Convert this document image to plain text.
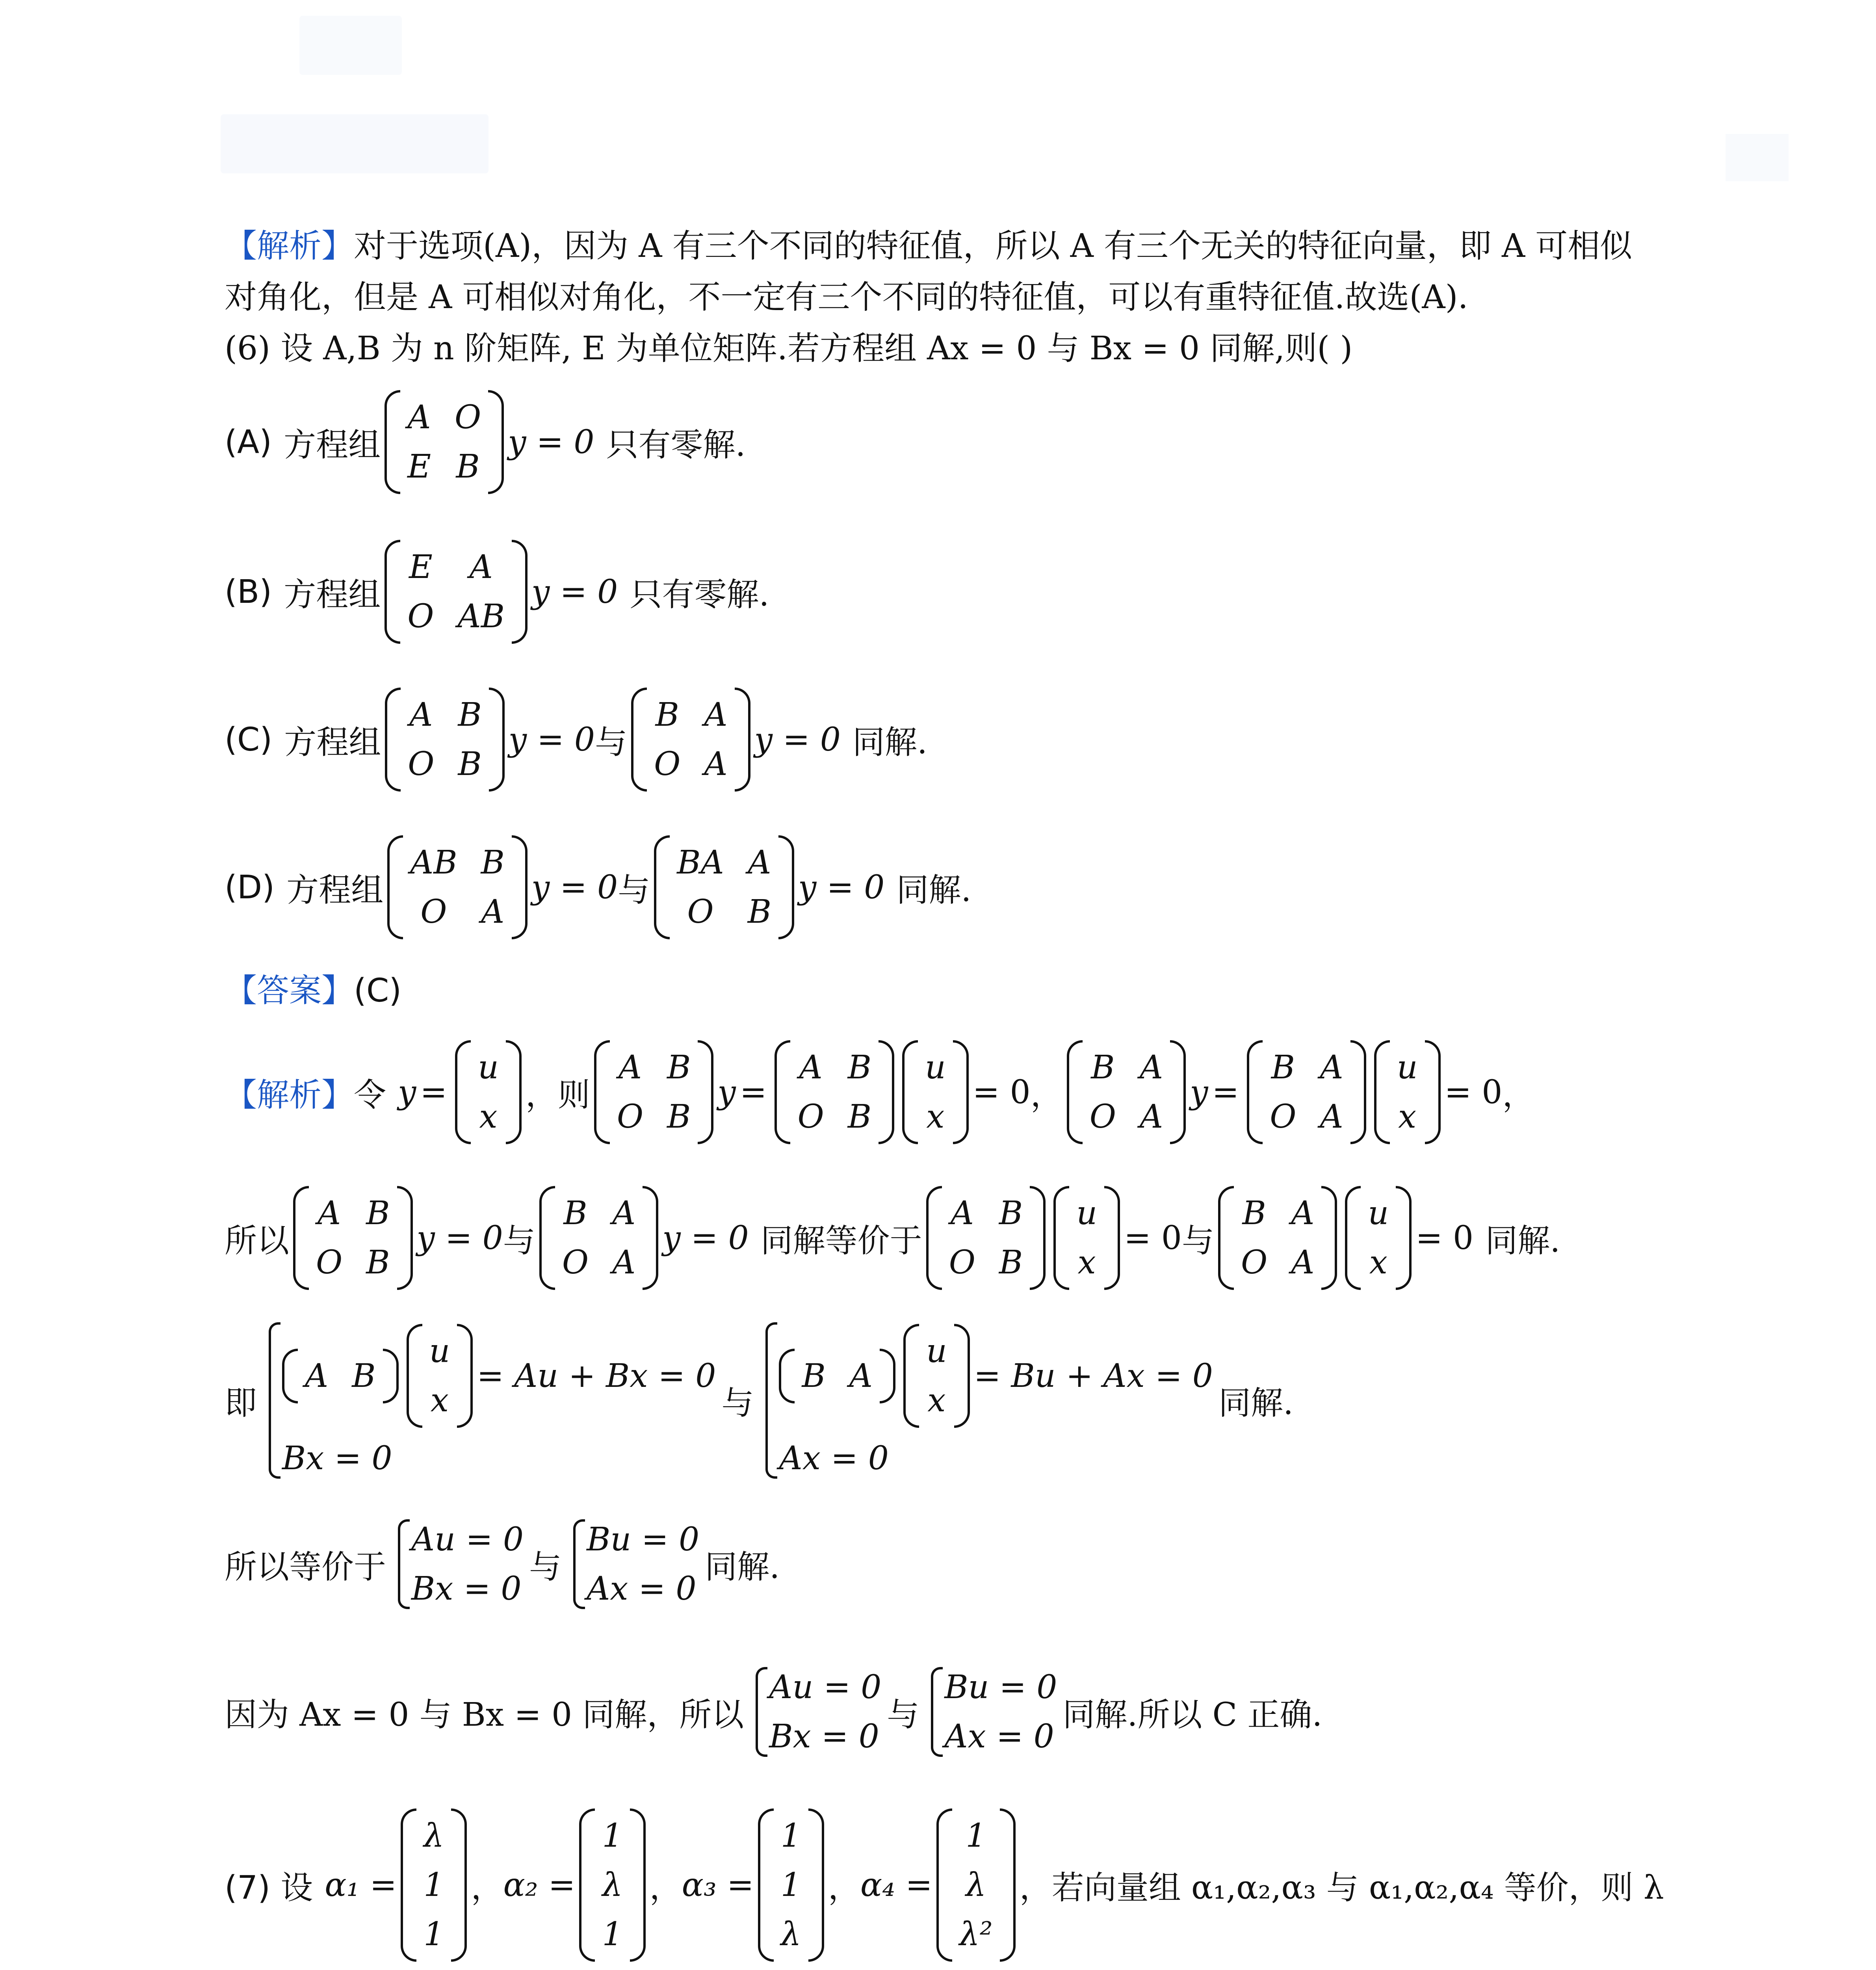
【解析】对于选项(A)，因为 A 有三个不同的特征值，所以 A 有三个无关的特征向量，即 A 可相似
对角化，但是 A 可相似对角化，不一定有三个不同的特征值，可以有重特征值.故选(A).
(6) 设 A,B 为 n 阶矩阵, E 为单位矩阵.若方程组 Ax = 0 与 Bx = 0 同解,则( )
(A) 方程组
A O
E B
y = 0 只有零解.
(B) 方程组
E	A
O AB
y = 0 只有零解.
(C) 方程组
A B
O B
y = 0 与
B A
O A
y = 0 同解.
(D) 方程组
AB B
O	A
y = 0 与
BA A
O	B
y = 0 同解.
【答案】(C)
【解析】 令 y =
u
x
，则
A B
O B
y =
A B
O B
u
x
= 0 ，
B A
O A
y =
B A
O A
u
x
= 0 ，
所以
A B
O B
y = 0 与
B A
O A
y = 0 同解等价于
A B
O B
u
x
= 0 与
B A
O A
u
x
= 0 同解.
即
A B
u
x
= Au + Bx = 0
Bx = 0
与
B A
u
x
= Bu + Ax = 0
Ax = 0
同解.
所以等价于
Au = 0
Bx = 0
与
Bu = 0
Ax = 0
同解.
因为 Ax = 0 与 Bx = 0 同解，所以
Au = 0
Bx = 0
与
Bu = 0
Ax = 0
同解.所以 C 正确.
(7) 设 α₁ =
λ
1
1
， α₂ =
1
λ
1
， α₃ =
1
1
λ
， α₄ =
1
λ
λ²
，若向量组 α₁,α₂,α₃ 与 α₁,α₂,α₄ 等价，则 λ
